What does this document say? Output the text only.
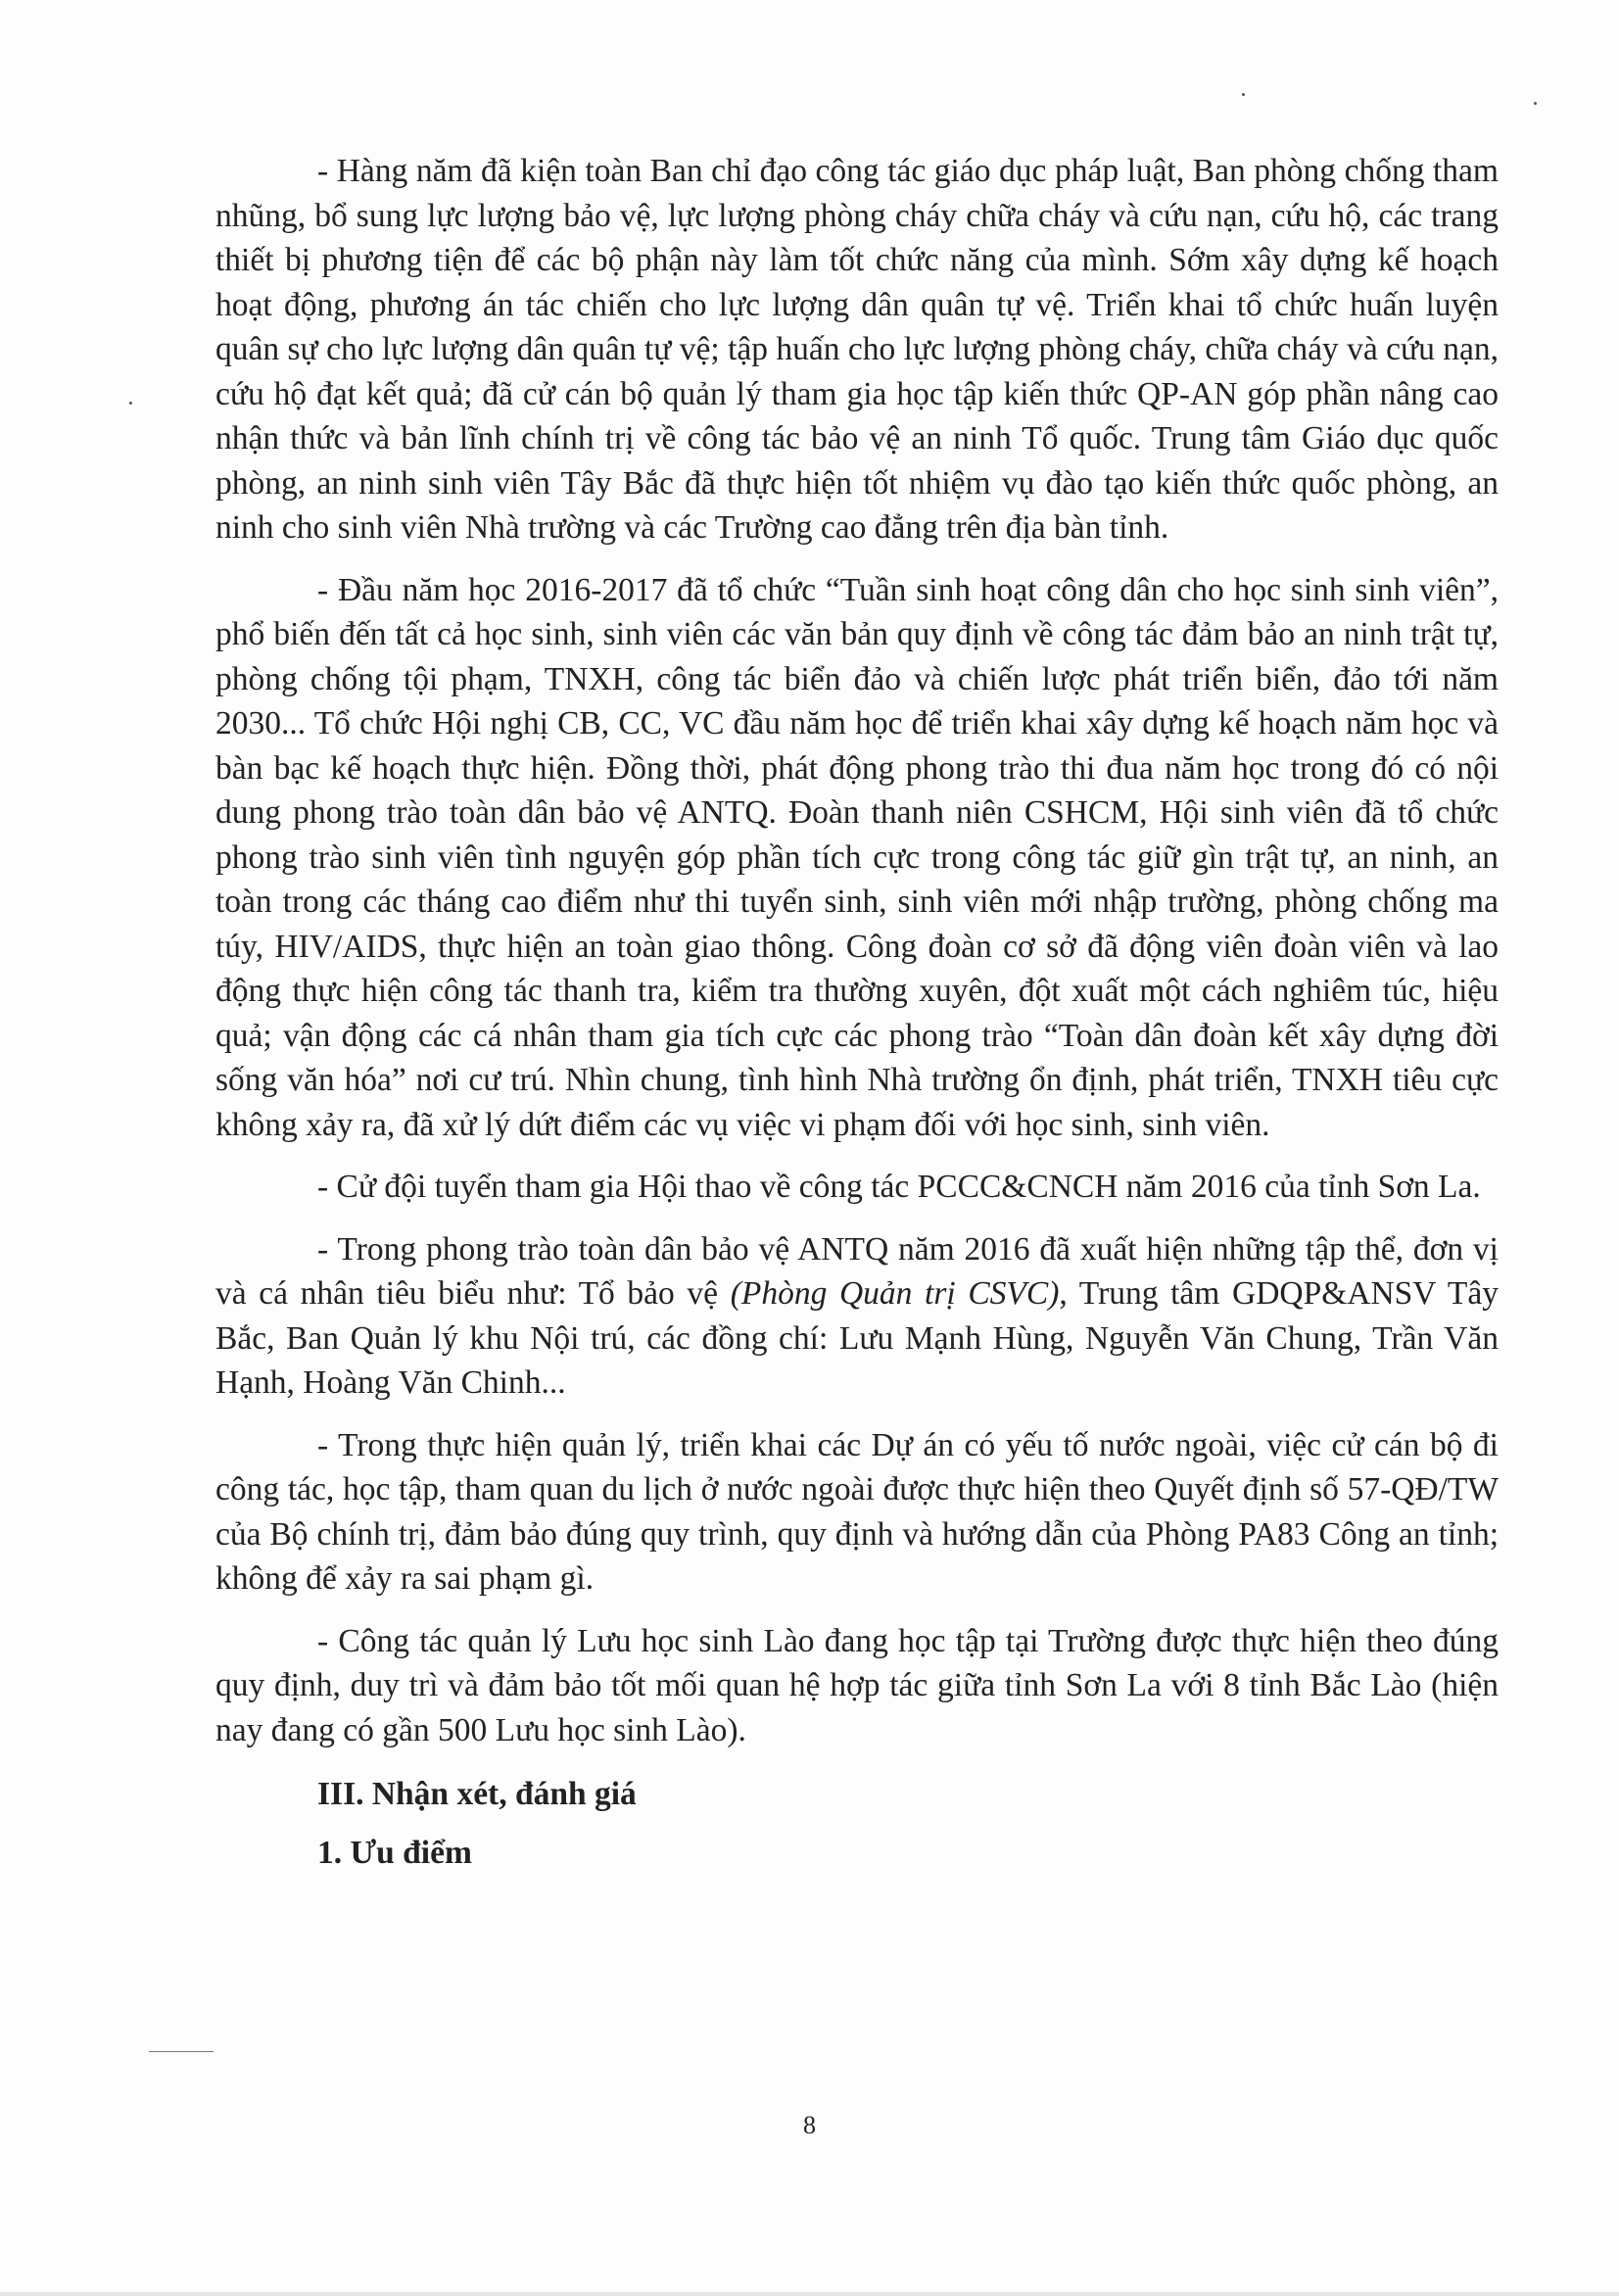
- Hàng năm đã kiện toàn Ban chỉ đạo công tác giáo dục pháp luật, Ban phòng chống tham nhũng, bổ sung lực lượng bảo vệ, lực lượng phòng cháy chữa cháy và cứu nạn, cứu hộ, các trang thiết bị phương tiện để các bộ phận này làm tốt chức năng của mình. Sớm xây dựng kế hoạch hoạt động, phương án tác chiến cho lực lượng dân quân tự vệ. Triển khai tổ chức huấn luyện quân sự cho lực lượng dân quân tự vệ; tập huấn cho lực lượng phòng cháy, chữa cháy và cứu nạn, cứu hộ đạt kết quả; đã cử cán bộ quản lý tham gia học tập kiến thức QP-AN góp phần nâng cao nhận thức và bản lĩnh chính trị về công tác bảo vệ an ninh Tổ quốc. Trung tâm Giáo dục quốc phòng, an ninh sinh viên Tây Bắc đã thực hiện tốt nhiệm vụ đào tạo kiến thức quốc phòng, an ninh cho sinh viên Nhà trường và các Trường cao đẳng trên địa bàn tỉnh.

- Đầu năm học 2016-2017 đã tổ chức “Tuần sinh hoạt công dân cho học sinh sinh viên”, phổ biến đến tất cả học sinh, sinh viên các văn bản quy định về công tác đảm bảo an ninh trật tự, phòng chống tội phạm, TNXH, công tác biển đảo và chiến lược phát triển biển, đảo tới năm 2030... Tổ chức Hội nghị CB, CC, VC đầu năm học để triển khai xây dựng kế hoạch năm học và bàn bạc kế hoạch thực hiện. Đồng thời, phát động phong trào thi đua năm học trong đó có nội dung phong trào toàn dân bảo vệ ANTQ. Đoàn thanh niên CSHCM, Hội sinh viên đã tổ chức phong trào sinh viên tình nguyện góp phần tích cực trong công tác giữ gìn trật tự, an ninh, an toàn trong các tháng cao điểm như thi tuyển sinh, sinh viên mới nhập trường, phòng chống ma túy, HIV/AIDS, thực hiện an toàn giao thông. Công đoàn cơ sở đã động viên đoàn viên và lao động thực hiện công tác thanh tra, kiểm tra thường xuyên, đột xuất một cách nghiêm túc, hiệu quả; vận động các cá nhân tham gia tích cực các phong trào “Toàn dân đoàn kết xây dựng đời sống văn hóa” nơi cư trú. Nhìn chung, tình hình Nhà trường ổn định, phát triển, TNXH tiêu cực không xảy ra, đã xử lý dứt điểm các vụ việc vi phạm đối với học sinh, sinh viên.

- Cử đội tuyển tham gia Hội thao về công tác PCCC&CNCH năm 2016 của tỉnh Sơn La.

- Trong phong trào toàn dân bảo vệ ANTQ năm 2016 đã xuất hiện những tập thể, đơn vị và cá nhân tiêu biểu như: Tổ bảo vệ (Phòng Quản trị CSVC), Trung tâm GDQP&ANSV Tây Bắc, Ban Quản lý khu Nội trú, các đồng chí: Lưu Mạnh Hùng, Nguyễn Văn Chung, Trần Văn Hạnh, Hoàng Văn Chinh...

- Trong thực hiện quản lý, triển khai các Dự án có yếu tố nước ngoài, việc cử cán bộ đi công tác, học tập, tham quan du lịch ở nước ngoài được thực hiện theo Quyết định số 57-QĐ/TW của Bộ chính trị, đảm bảo đúng quy trình, quy định và hướng dẫn của Phòng PA83 Công an tỉnh; không để xảy ra sai phạm gì.

- Công tác quản lý Lưu học sinh Lào đang học tập tại Trường được thực hiện theo đúng quy định, duy trì và đảm bảo tốt mối quan hệ hợp tác giữa tỉnh Sơn La với 8 tỉnh Bắc Lào (hiện nay đang có gần 500 Lưu học sinh Lào).

III. Nhận xét, đánh giá

1. Ưu điểm

8
